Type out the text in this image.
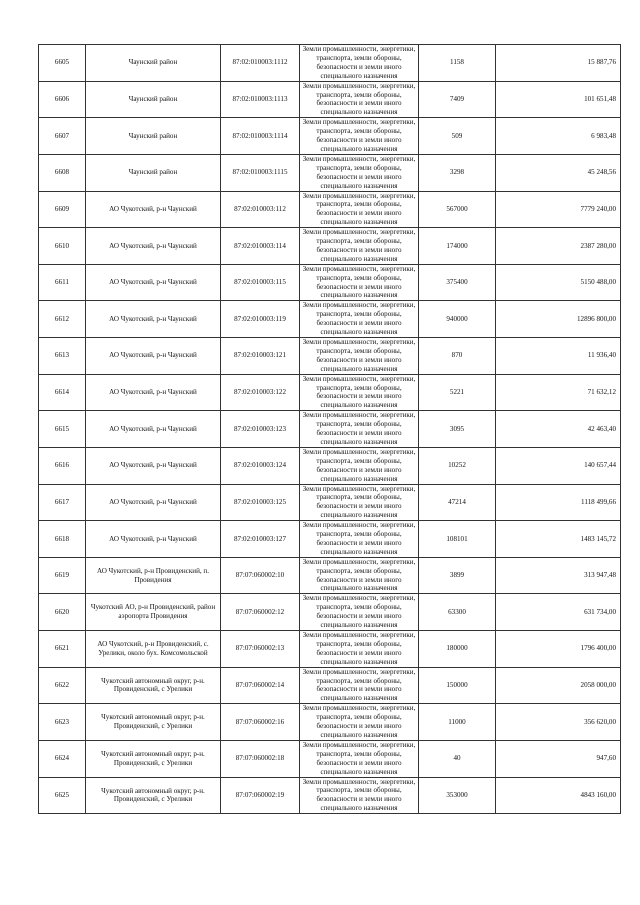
6605	Чаунский район	87:02:010003:1112	Земли промышленности, энергетики, транспорта, земли обороны, безопасности и земли иного специального назначения	1158	15 887,76
6606	Чаунский район	87:02:010003:1113	Земли промышленности, энергетики, транспорта, земли обороны, безопасности и земли иного специального назначения	7409	101 651,48
6607	Чаунский район	87:02:010003:1114	Земли промышленности, энергетики, транспорта, земли обороны, безопасности и земли иного специального назначения	509	6 983,48
6608	Чаунский район	87:02:010003:1115	Земли промышленности, энергетики, транспорта, земли обороны, безопасности и земли иного специального назначения	3298	45 248,56
6609	АО Чукотский, р-н Чаунский	87:02:010003:112	Земли промышленности, энергетики, транспорта, земли обороны, безопасности и земли иного специального назначения	567000	7779 240,00
6610	АО Чукотский, р-н Чаунский	87:02:010003:114	Земли промышленности, энергетики, транспорта, земли обороны, безопасности и земли иного специального назначения	174000	2387 280,00
6611	АО Чукотский, р-н Чаунский	87:02:010003:115	Земли промышленности, энергетики, транспорта, земли обороны, безопасности и земли иного специального назначения	375400	5150 488,00
6612	АО Чукотский, р-н Чаунский	87:02:010003:119	Земли промышленности, энергетики, транспорта, земли обороны, безопасности и земли иного специального назначения	940000	12896 800,00
6613	АО Чукотский, р-н Чаунский	87:02:010003:121	Земли промышленности, энергетики, транспорта, земли обороны, безопасности и земли иного специального назначения	870	11 936,40
6614	АО Чукотский, р-н Чаунский	87:02:010003:122	Земли промышленности, энергетики, транспорта, земли обороны, безопасности и земли иного специального назначения	5221	71 632,12
6615	АО Чукотский, р-н Чаунский	87:02:010003:123	Земли промышленности, энергетики, транспорта, земли обороны, безопасности и земли иного специального назначения	3095	42 463,40
6616	АО Чукотский, р-н Чаунский	87:02:010003:124	Земли промышленности, энергетики, транспорта, земли обороны, безопасности и земли иного специального назначения	10252	140 657,44
6617	АО Чукотский, р-н Чаунский	87:02:010003:125	Земли промышленности, энергетики, транспорта, земли обороны, безопасности и земли иного специального назначения	47214	1118 499,66
6618	АО Чукотский, р-н Чаунский	87:02:010003:127	Земли промышленности, энергетики, транспорта, земли обороны, безопасности и земли иного специального назначения	108101	1483 145,72
6619	АО Чукотский, р-н Провиденский, п. Провидения	87:07:060002:10	Земли промышленности, энергетики, транспорта, земли обороны, безопасности и земли иного специального назначения	3899	313 947,48
6620	Чукотский АО, р-н Провиденский, район аэропорта Провидения	87:07:060002:12	Земли промышленности, энергетики, транспорта, земли обороны, безопасности и земли иного специального назначения	63300	631 734,00
6621	АО Чукотский, р-н Провиденский, с. Урелики, около бух. Комсомольской	87:07:060002:13	Земли промышленности, энергетики, транспорта, земли обороны, безопасности и земли иного специального назначения	180000	1796 400,00
6622	Чукотский автономный округ, р-н. Провиденский, с Урелики	87:07:060002:14	Земли промышленности, энергетики, транспорта, земли обороны, безопасности и земли иного специального назначения	150000	2058 000,00
6623	Чукотский автономный округ, р-н. Провиденский, с Урелики	87:07:060002:16	Земли промышленности, энергетики, транспорта, земли обороны, безопасности и земли иного специального назначения	11000	356 620,00
6624	Чукотский автономный округ, р-н. Провиденский, с Урелики	87:07:060002:18	Земли промышленности, энергетики, транспорта, земли обороны, безопасности и земли иного специального назначения	40	947,60
6625	Чукотский автономный округ, р-н. Провиденский, с Урелики	87:07:060002:19	Земли промышленности, энергетики, транспорта, земли обороны, безопасности и земли иного специального назначения	353000	4843 160,00
